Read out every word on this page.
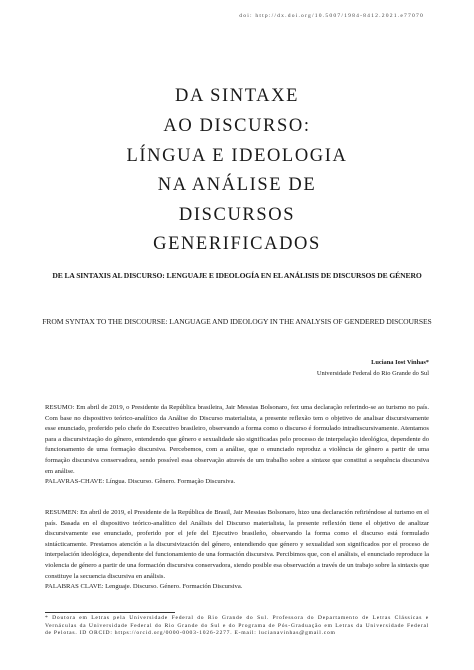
doi: http://dx.doi.org/10.5007/1984-8412.2021.e77070
DA SINTAXE
AO DISCURSO:
LÍNGUA E IDEOLOGIA
NA ANÁLISE DE
DISCURSOS
GENERIFICADOS
DE LA SINTAXIS AL DISCURSO: LENGUAJE E IDEOLOGÍA EN EL ANÁLISIS DE DISCURSOS DE GÉNERO
FROM SYNTAX TO THE DISCOURSE: LANGUAGE AND IDEOLOGY IN THE ANALYSIS OF GENDERED DISCOURSES
Luciana Iost Vinhas*
Universidade Federal do Rio Grande do Sul
RESUMO: Em abril de 2019, o Presidente da República brasileira, Jair Messias Bolsonaro, fez uma declaração referindo-se ao turismo no país. Com base no dispositivo teórico-analítico da Análise do Discurso materialista, a presente reflexão tem o objetivo de analisar discursivamente esse enunciado, proferido pelo chefe do Executivo brasileiro, observando a forma como o discurso é formulado intradiscursivamente. Atentamos para a discursivização do gênero, entendendo que gênero e sexualidade são significadas pelo processo de interpelação ideológica, dependente do funcionamento de uma formação discursiva. Percebemos, com a análise, que o enunciado reproduz a violência de gênero a partir de uma formação discursiva conservadora, sendo possível essa observação através de um trabalho sobre a sintaxe que constitui a sequência discursiva em análise.
PALAVRAS-CHAVE: Língua. Discurso. Gênero. Formação Discursiva.
RESUMEN: En abril de 2019, el Presidente de la República de Brasil, Jair Messias Bolsonaro, hizo una declaración refiriéndose al turismo en el país. Basada en el dispositivo teórico-analítico del Análisis del Discurso materialista, la presente reflexión tiene el objetivo de analizar discursivamente ese enunciado, proferido por el jefe del Ejecutivo brasileño, observando la forma como el discurso está formulado sintácticamente. Prestamos atención a la discursivización del género, entendiendo que género y sexualidad son significados por el proceso de interpelación ideológica, dependiente del funcionamiento de una formación discursiva. Percibimos que, con el análisis, el enunciado reproduce la violencia de género a partir de una formación discursiva conservadora, siendo posible esa observación a través de un trabajo sobre la sintaxis que constituye la secuencia discursiva en análisis.
PALABRAS CLAVE: Lenguaje. Discurso. Género. Formación Discursiva.
* Doutora em Letras pela Universidade Federal do Rio Grande do Sul. Professora do Departamento de Letras Clássicas e Vernáculas da Universidade Federal do Rio Grande do Sul e do Programa de Pós-Graduação em Letras da Universidade Federal de Pelotas. ID ORCID: https://orcid.org/0000-0003-1026-2277. E-mail: lucianavinhas@gmail.com
